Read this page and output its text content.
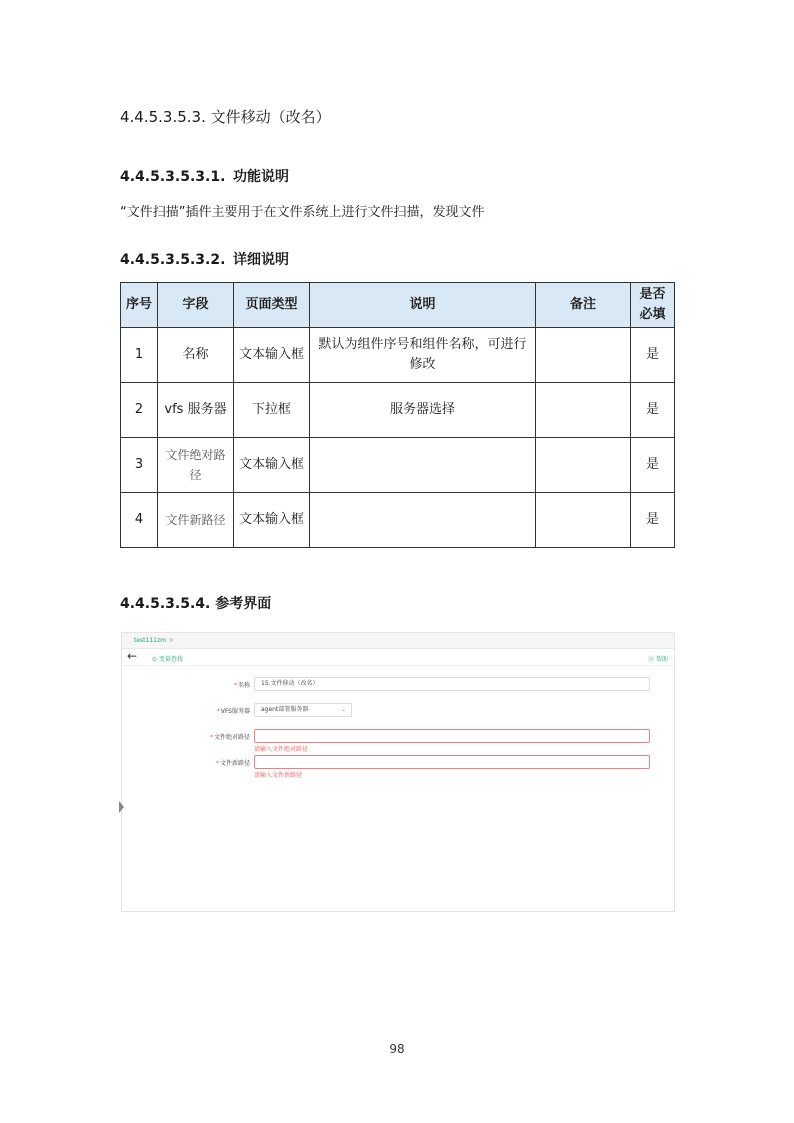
4.4.5.3.5.3. 文件移动（改名）
4.4.5.3.5.3.1. 功能说明
“文件扫描”插件主要用于在文件系统上进行文件扫描，发现文件
4.4.5.3.5.3.2. 详细说明
序号	字段	页面类型	说明	备注	是否必填
1	名称	文本输入框	默认为组件序号和组件名称，可进行修改		是
2	vfs 服务器	下拉框	服务器选择		是
3	文件绝对路径	文本输入框			是
4	文件新路径	文本输入框			是
4.4.5.3.5.4. 参考界面
test111zm ×
← ⊙ 变量查找	⓪ 帮助
*名称	15.文件移动（改名）
*VFS服务器	agent部署服务器	⌄
*文件绝对路径
请输入文件绝对路径
*文件新路径
请输入文件新路径
98
